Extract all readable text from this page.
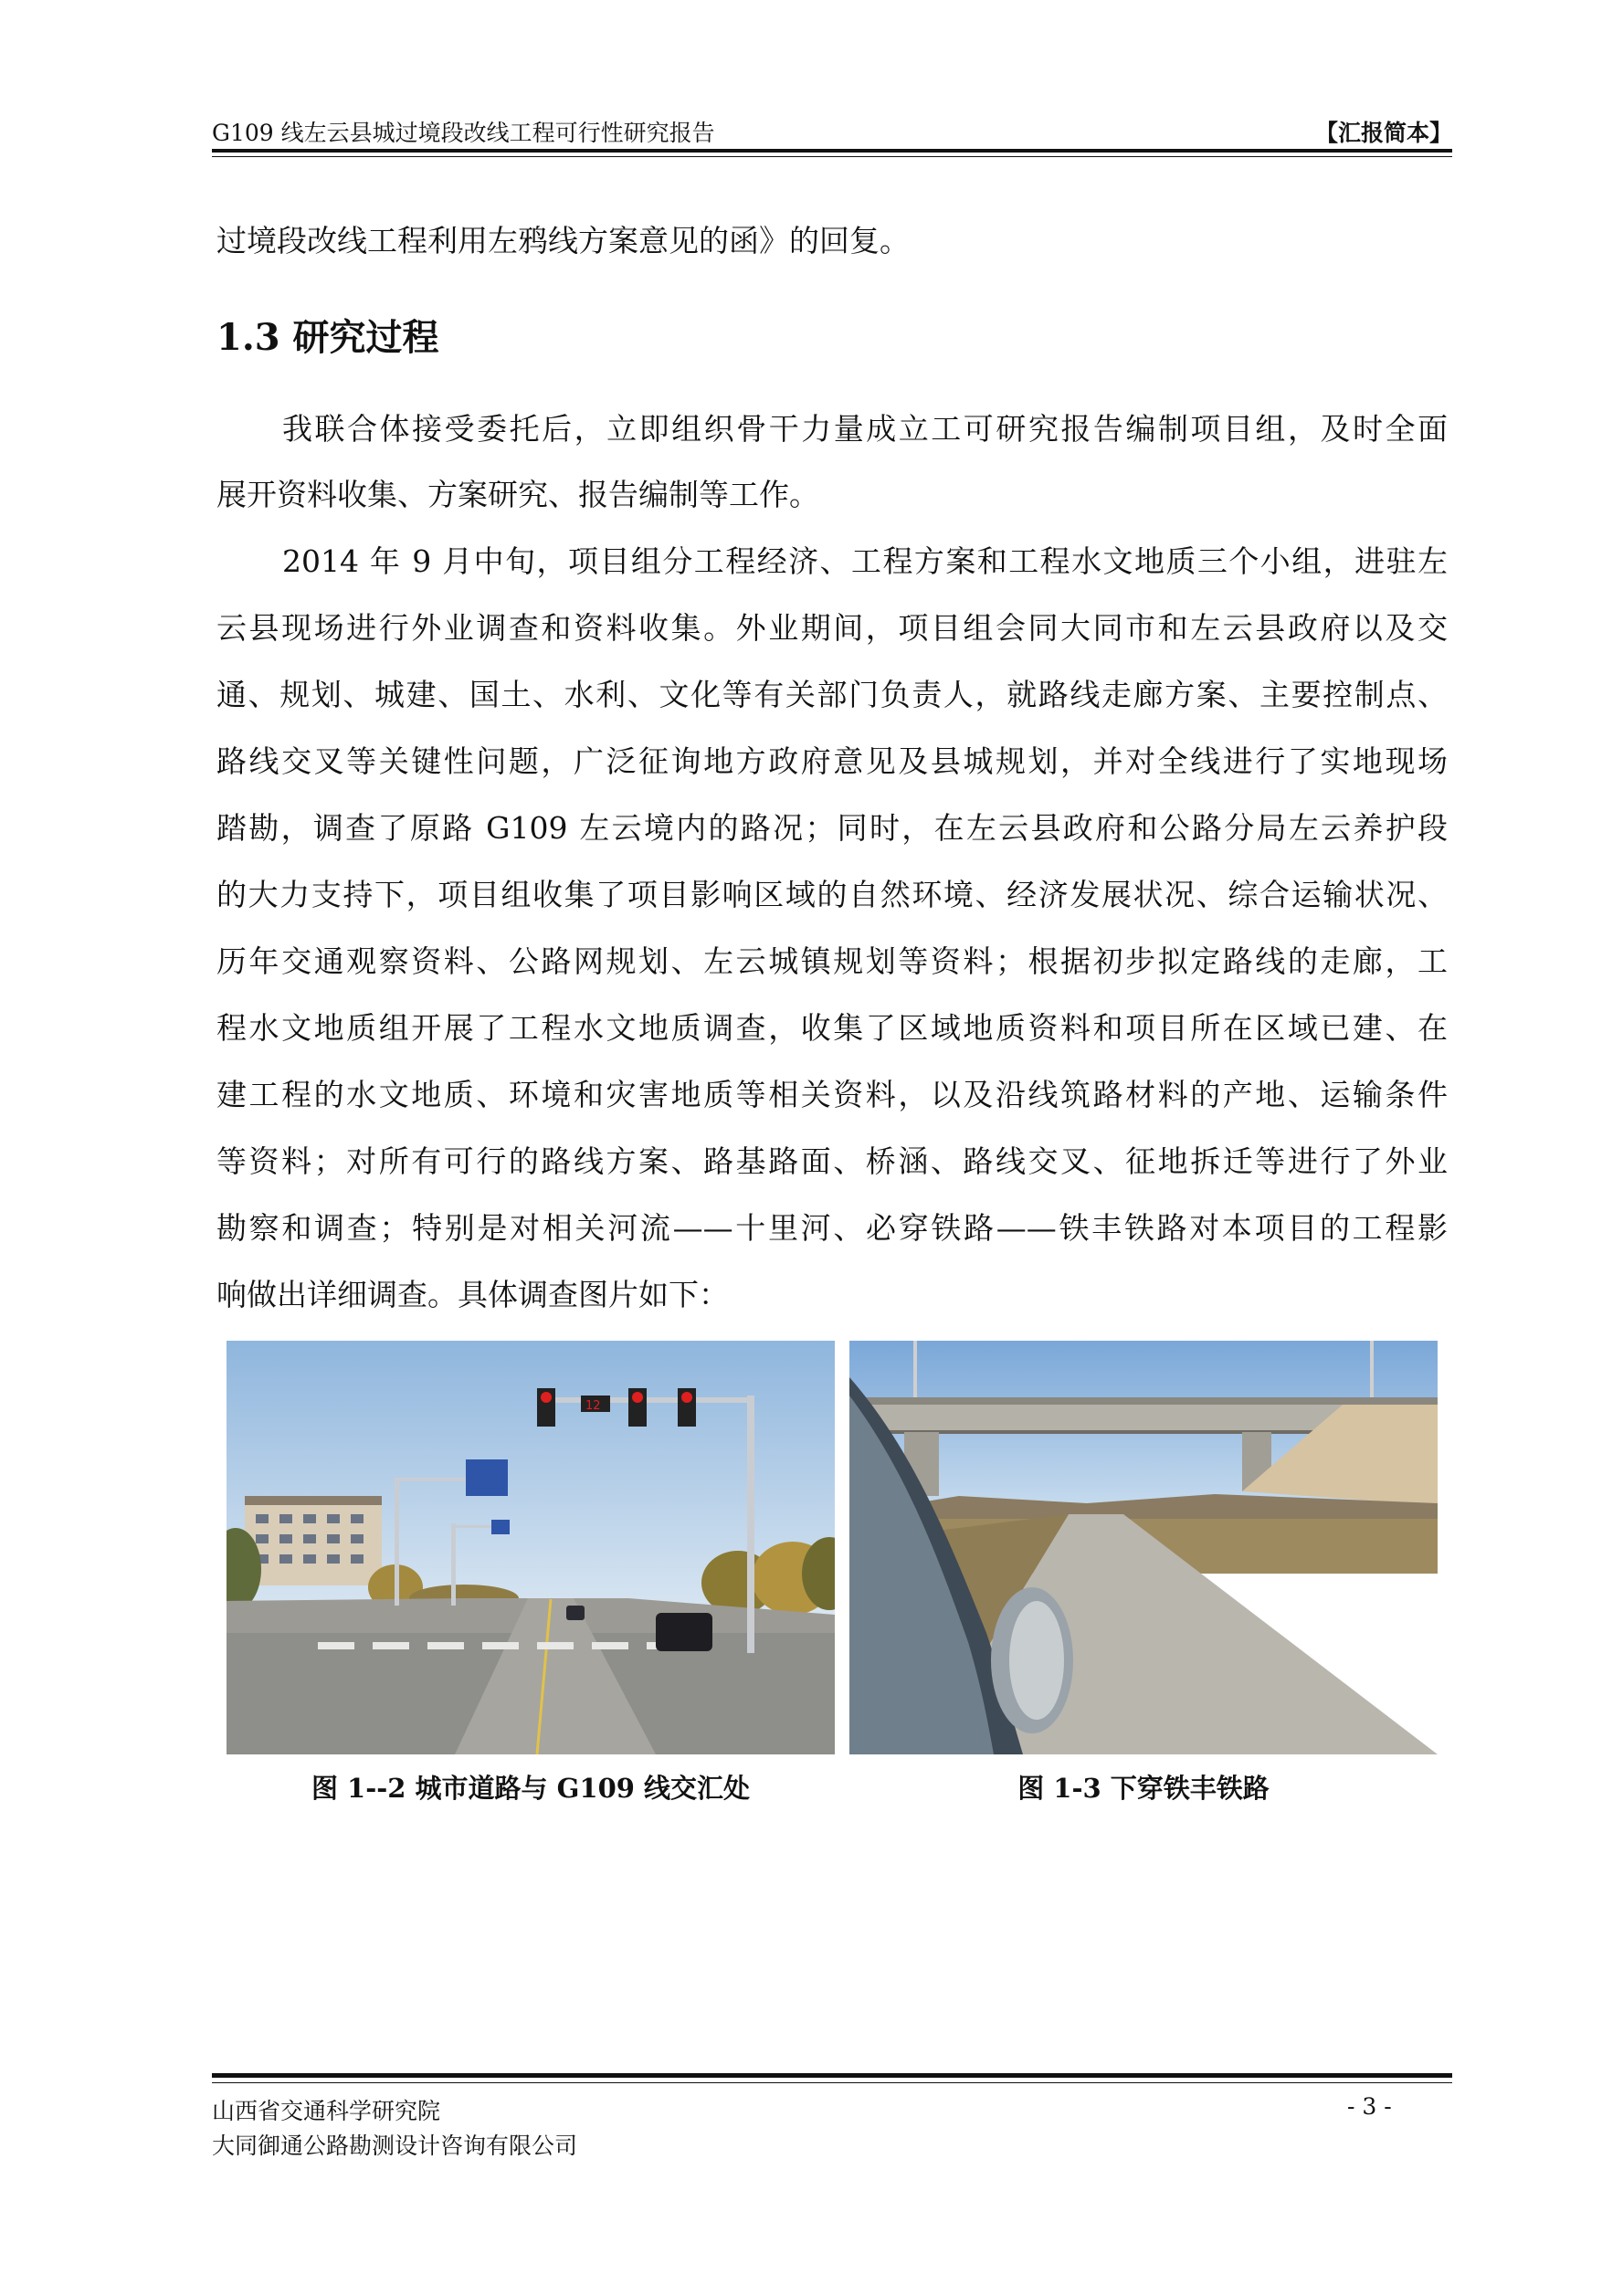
G109 线左云县城过境段改线工程可行性研究报告	【汇报简本】
过境段改线工程利用左鸦线方案意见的函》的回复。
1.3 研究过程
我联合体接受委托后，立即组织骨干力量成立工可研究报告编制项目组，及时全面
展开资料收集、方案研究、报告编制等工作。
2014 年 9 月中旬，项目组分工程经济、工程方案和工程水文地质三个小组，进驻左
云县现场进行外业调查和资料收集。外业期间，项目组会同大同市和左云县政府以及交
通、规划、城建、国土、水利、文化等有关部门负责人，就路线走廊方案、主要控制点、
路线交叉等关键性问题，广泛征询地方政府意见及县城规划，并对全线进行了实地现场
踏勘，调查了原路 G109 左云境内的路况；同时，在左云县政府和公路分局左云养护段
的大力支持下，项目组收集了项目影响区域的自然环境、经济发展状况、综合运输状况、
历年交通观察资料、公路网规划、左云城镇规划等资料；根据初步拟定路线的走廊，工
程水文地质组开展了工程水文地质调查，收集了区域地质资料和项目所在区域已建、在
建工程的水文地质、环境和灾害地质等相关资料，以及沿线筑路材料的产地、运输条件
等资料；对所有可行的路线方案、路基路面、桥涵、路线交叉、征地拆迁等进行了外业
勘察和调查；特别是对相关河流——十里河、必穿铁路——铁丰铁路对本项目的工程影
响做出详细调查。具体调查图片如下：
12
图 1--2 城市道路与 G109 线交汇处	图 1-3 下穿铁丰铁路
山西省交通科学研究院	- 3 -
大同御通公路勘测设计咨询有限公司
